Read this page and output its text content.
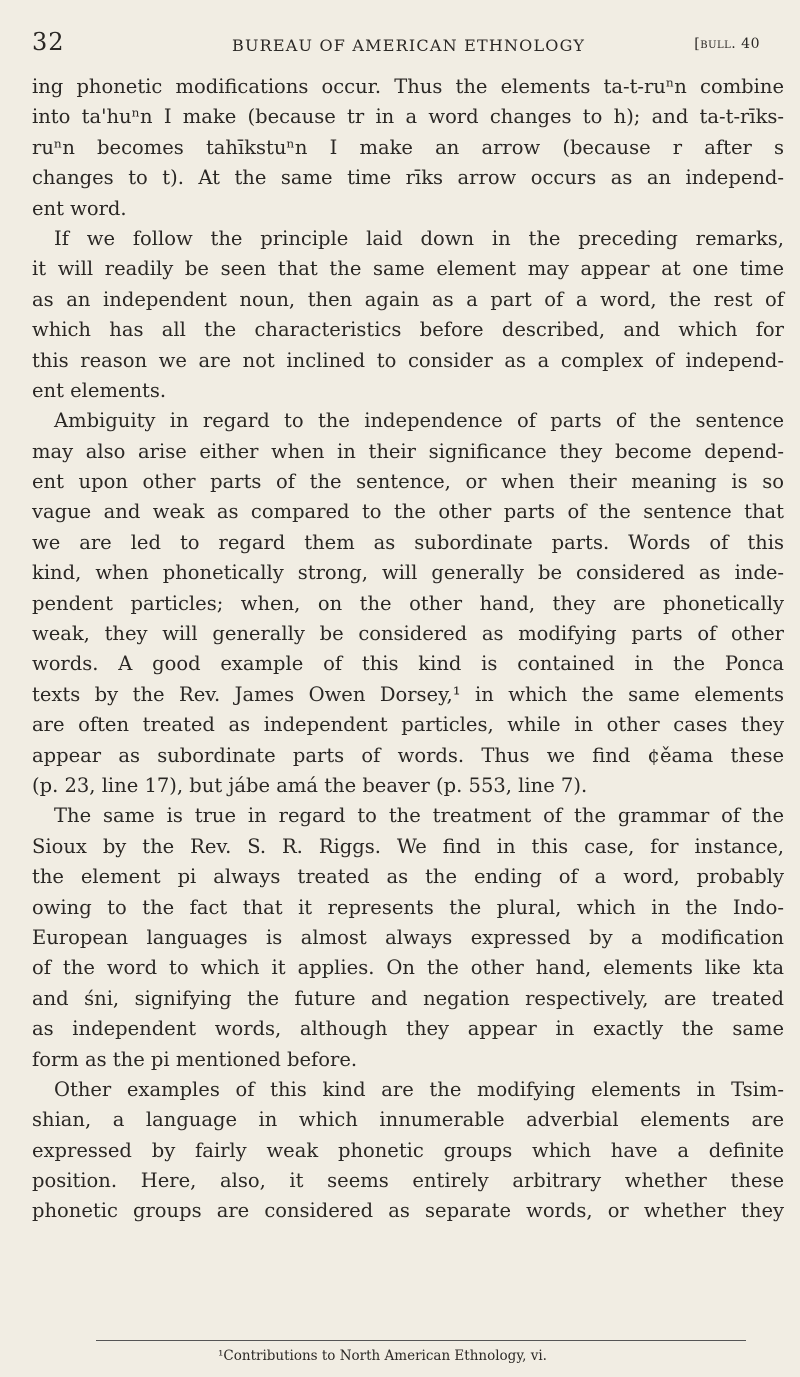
32	BUREAU OF AMERICAN ETHNOLOGY	[bull. 40
ing phonetic modifications occur. Thus the elements ta-t-ruⁿn combine
into ta'huⁿn I make (because tr in a word changes to h); and ta-t-rīks-
ruⁿn becomes tahīkstuⁿn I make an arrow (because r after s
changes to t). At the same time rīks arrow occurs as an independ-
ent word.
If we follow the principle laid down in the preceding remarks,
it will readily be seen that the same element may appear at one time
as an independent noun, then again as a part of a word, the rest of
which has all the characteristics before described, and which for
this reason we are not inclined to consider as a complex of independ-
ent elements.
Ambiguity in regard to the independence of parts of the sentence
may also arise either when in their significance they become depend-
ent upon other parts of the sentence, or when their meaning is so
vague and weak as compared to the other parts of the sentence that
we are led to regard them as subordinate parts. Words of this
kind, when phonetically strong, will generally be considered as inde-
pendent particles; when, on the other hand, they are phonetically
weak, they will generally be considered as modifying parts of other
words. A good example of this kind is contained in the Ponca
texts by the Rev. James Owen Dorsey,¹ in which the same elements
are often treated as independent particles, while in other cases they
appear as subordinate parts of words. Thus we find ¢ěama these
(p. 23, line 17), but jábe amá the beaver (p. 553, line 7).
The same is true in regard to the treatment of the grammar of the
Sioux by the Rev. S. R. Riggs. We find in this case, for instance,
the element pi always treated as the ending of a word, probably
owing to the fact that it represents the plural, which in the Indo-
European languages is almost always expressed by a modification
of the word to which it applies. On the other hand, elements like kta
and śni, signifying the future and negation respectively, are treated
as independent words, although they appear in exactly the same
form as the pi mentioned before.
Other examples of this kind are the modifying elements in Tsim-
shian, a language in which innumerable adverbial elements are
expressed by fairly weak phonetic groups which have a definite
position. Here, also, it seems entirely arbitrary whether these
phonetic groups are considered as separate words, or whether they
¹Contributions to North American Ethnology, vi.
